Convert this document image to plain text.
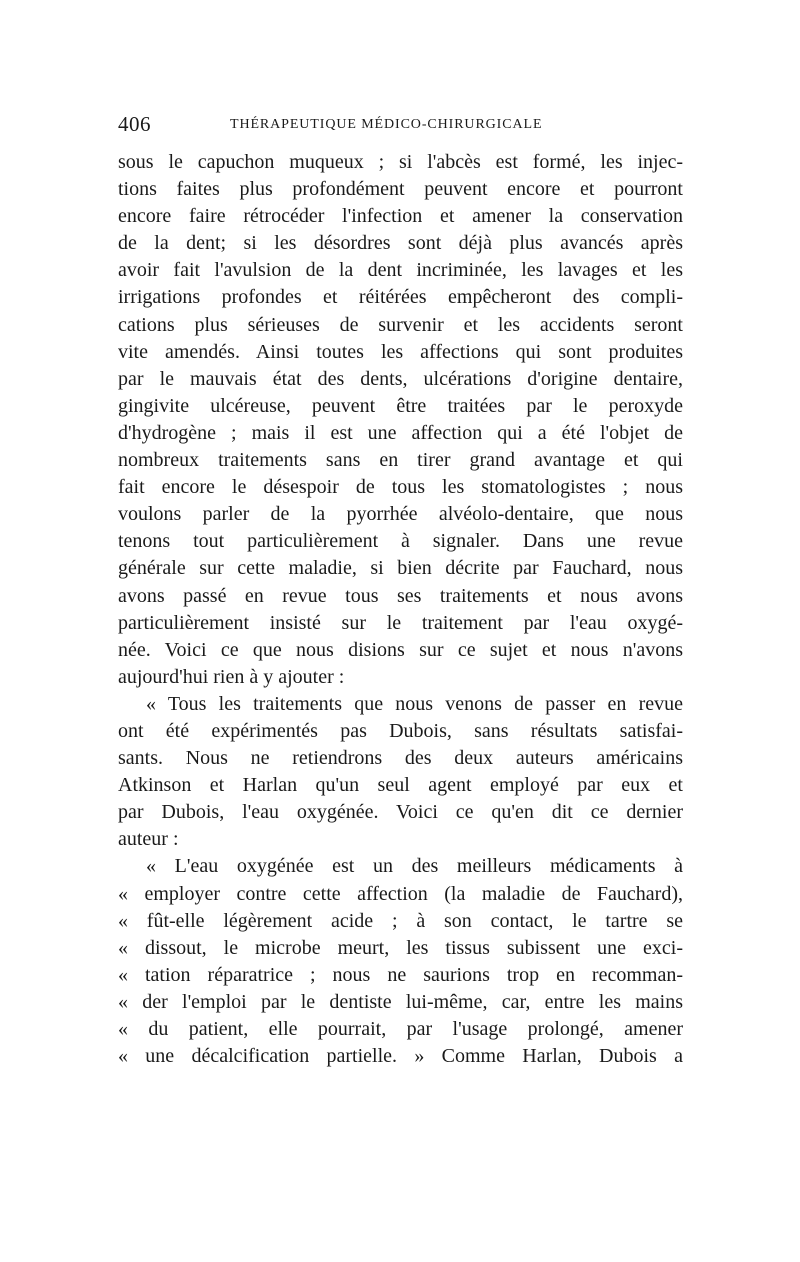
406	THÉRAPEUTIQUE MÉDICO-CHIRURGICALE
sous le capuchon muqueux ; si l'abcès est formé, les injec-
tions faites plus profondément peuvent encore et pourront
encore faire rétrocéder l'infection et amener la conservation
de la dent; si les désordres sont déjà plus avancés après
avoir fait l'avulsion de la dent incriminée, les lavages et les
irrigations profondes et réitérées empêcheront des compli-
cations plus sérieuses de survenir et les accidents seront
vite amendés. Ainsi toutes les affections qui sont produites
par le mauvais état des dents, ulcérations d'origine dentaire,
gingivite ulcéreuse, peuvent être traitées par le peroxyde
d'hydrogène ; mais il est une affection qui a été l'objet de
nombreux traitements sans en tirer grand avantage et qui
fait encore le désespoir de tous les stomatologistes ; nous
voulons parler de la pyorrhée alvéolo-dentaire, que nous
tenons tout particulièrement à signaler. Dans une revue
générale sur cette maladie, si bien décrite par Fauchard, nous
avons passé en revue tous ses traitements et nous avons
particulièrement insisté sur le traitement par l'eau oxygé-
née. Voici ce que nous disions sur ce sujet et nous n'avons
aujourd'hui rien à y ajouter :
« Tous les traitements que nous venons de passer en revue
ont été expérimentés pas Dubois, sans résultats satisfai-
sants. Nous ne retiendrons des deux auteurs américains
Atkinson et Harlan qu'un seul agent employé par eux et
par Dubois, l'eau oxygénée. Voici ce qu'en dit ce dernier
auteur :
« L'eau oxygénée est un des meilleurs médicaments à
« employer contre cette affection (la maladie de Fauchard),
« fût-elle légèrement acide ; à son contact, le tartre se
« dissout, le microbe meurt, les tissus subissent une exci-
« tation réparatrice ; nous ne saurions trop en recomman-
« der l'emploi par le dentiste lui-même, car, entre les mains
« du patient, elle pourrait, par l'usage prolongé, amener
« une décalcification partielle. » Comme Harlan, Dubois a
